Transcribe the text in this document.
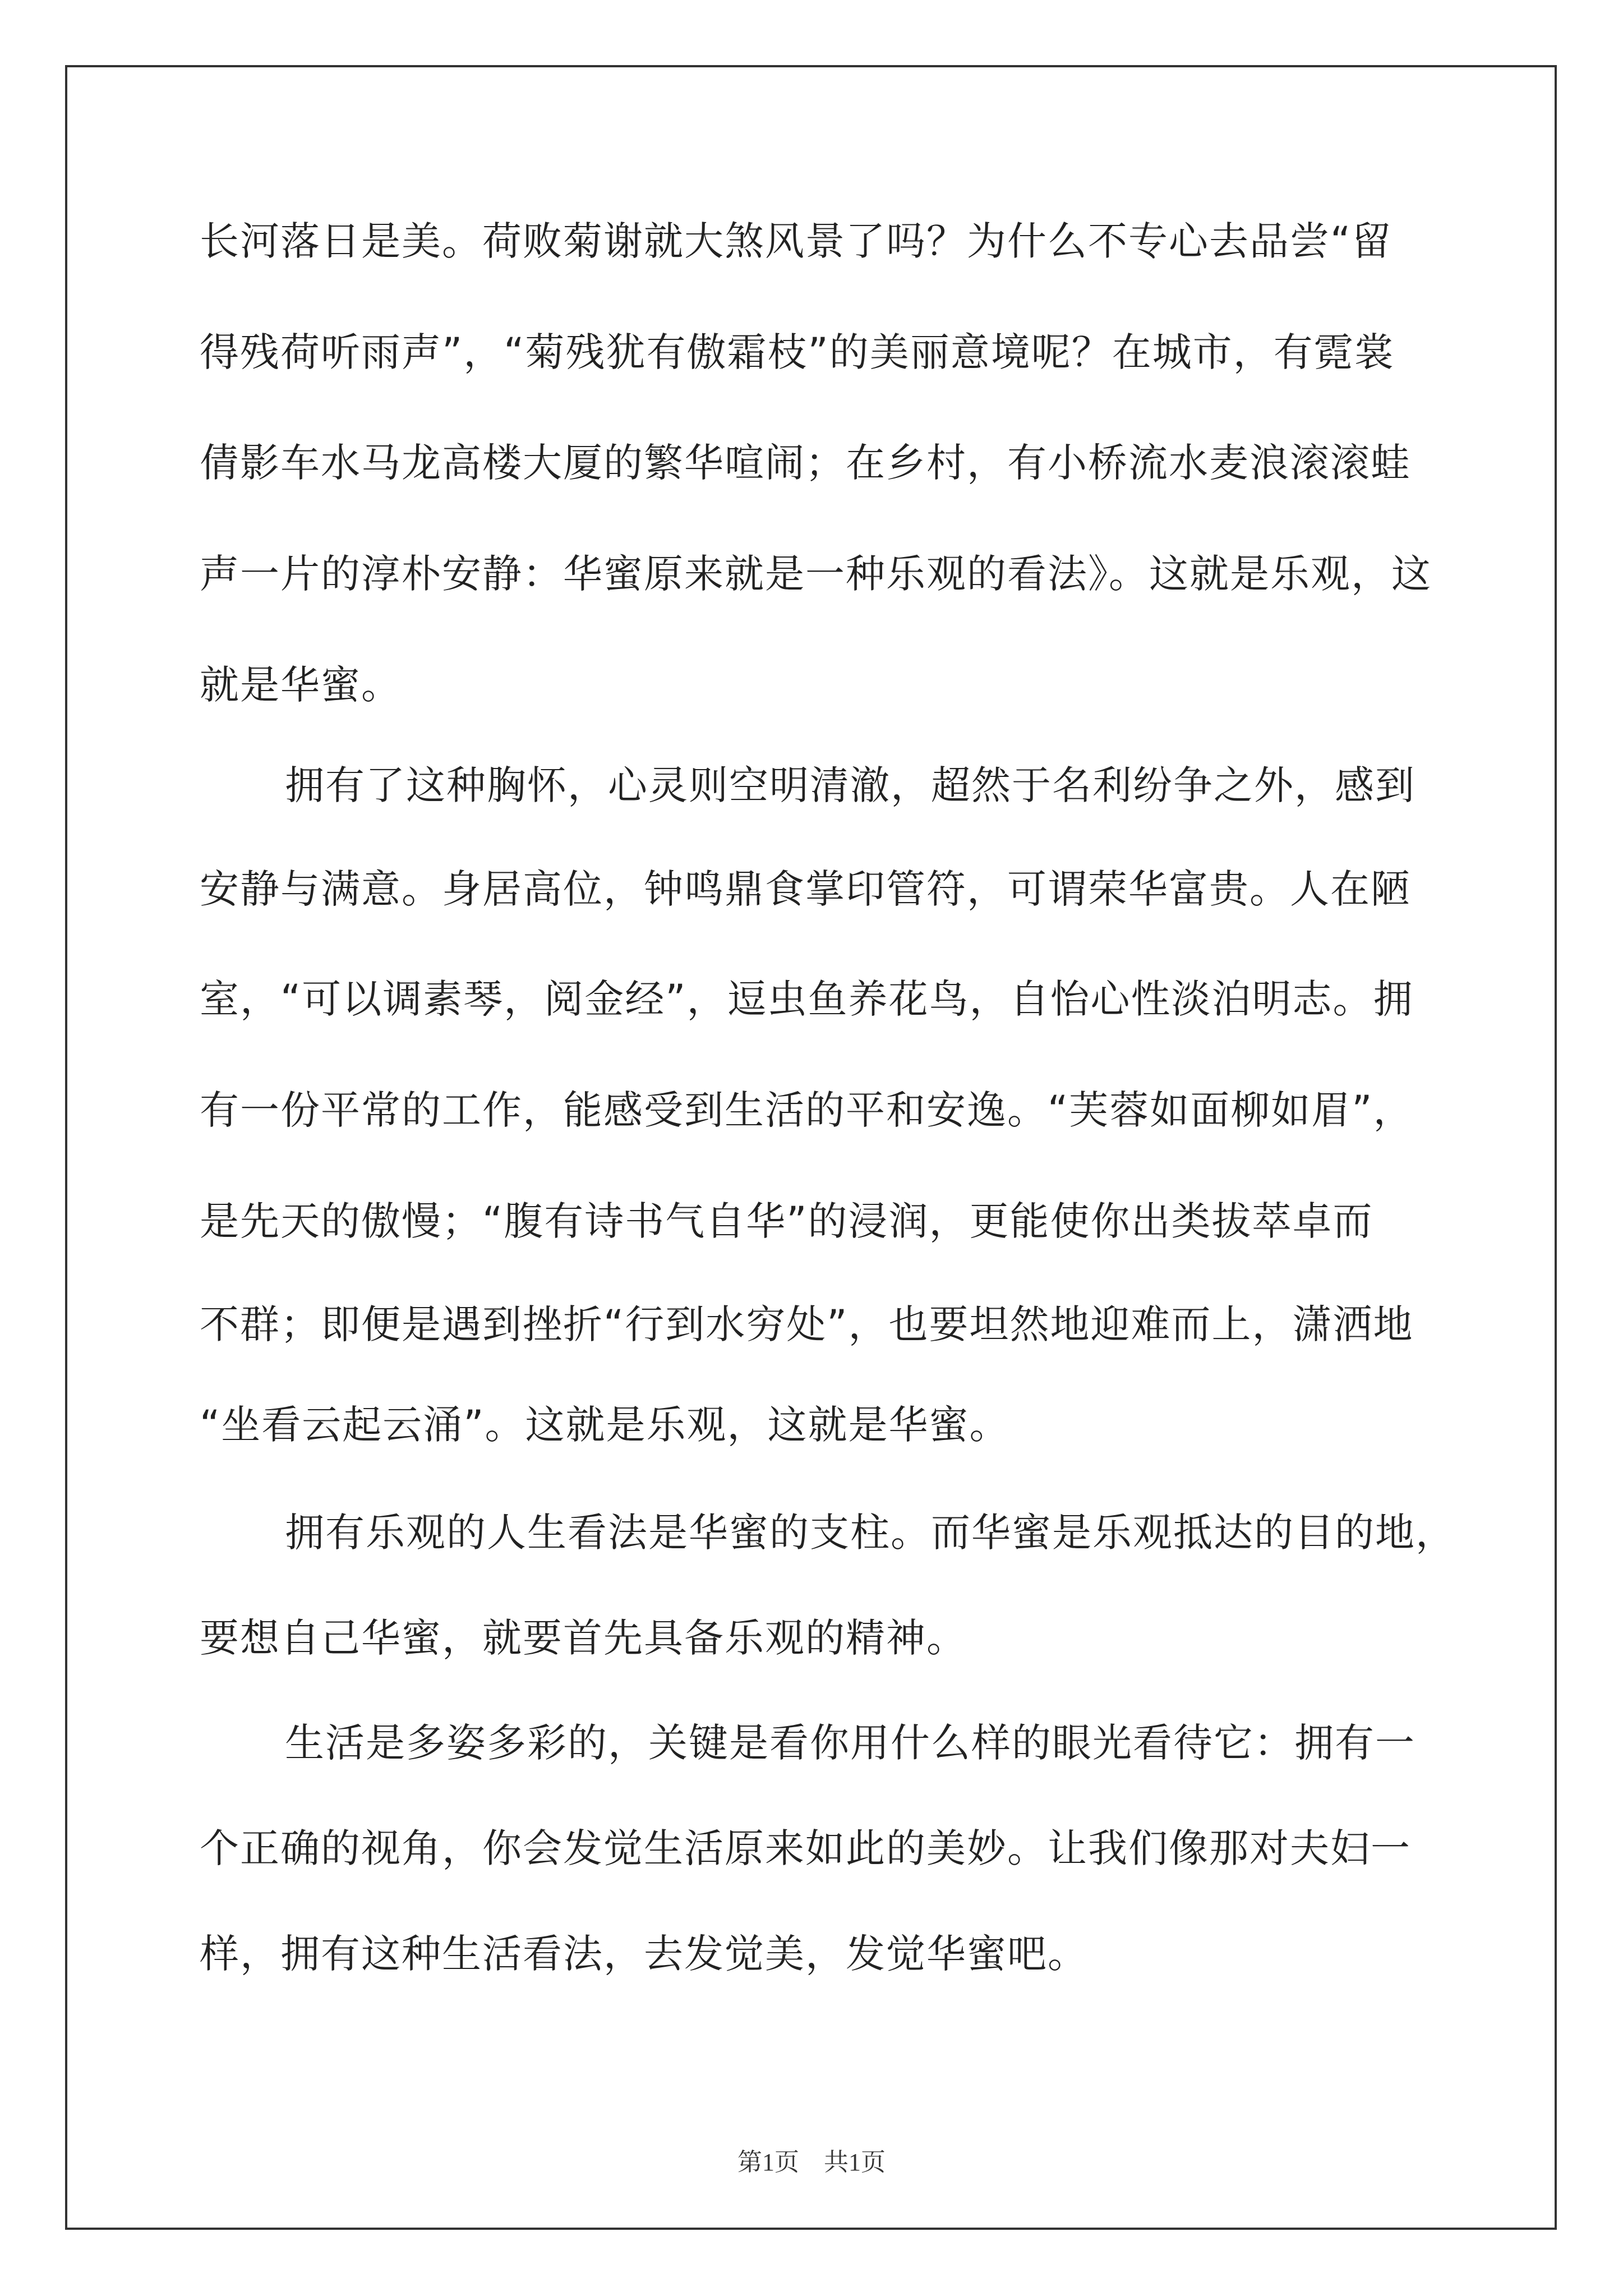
长河落日是美。荷败菊谢就大煞风景了吗？为什么不专心去品尝“留
得残荷听雨声”，“菊残犹有傲霜枝”的美丽意境呢？在城市，有霓裳
倩影车水马龙高楼大厦的繁华喧闹；在乡村，有小桥流水麦浪滚滚蛙
声一片的淳朴安静：华蜜原来就是一种乐观的看法》。这就是乐观，这
就是华蜜。
拥有了这种胸怀，心灵则空明清澈，超然于名利纷争之外，感到
安静与满意。身居高位，钟鸣鼎食掌印管符，可谓荣华富贵。人在陋
室，“可以调素琴，阅金经”，逗虫鱼养花鸟，自怡心性淡泊明志。拥
有一份平常的工作，能感受到生活的平和安逸。“芙蓉如面柳如眉”，
是先天的傲慢；“腹有诗书气自华”的浸润，更能使你出类拔萃卓而
不群；即便是遇到挫折“行到水穷处”，也要坦然地迎难而上，潇洒地
“坐看云起云涌”。这就是乐观，这就是华蜜。
拥有乐观的人生看法是华蜜的支柱。而华蜜是乐观抵达的目的地，
要想自己华蜜，就要首先具备乐观的精神。
生活是多姿多彩的，关键是看你用什么样的眼光看待它：拥有一
个正确的视角，你会发觉生活原来如此的美妙。让我们像那对夫妇一
样，拥有这种生活看法，去发觉美，发觉华蜜吧。
第1页　共1页
